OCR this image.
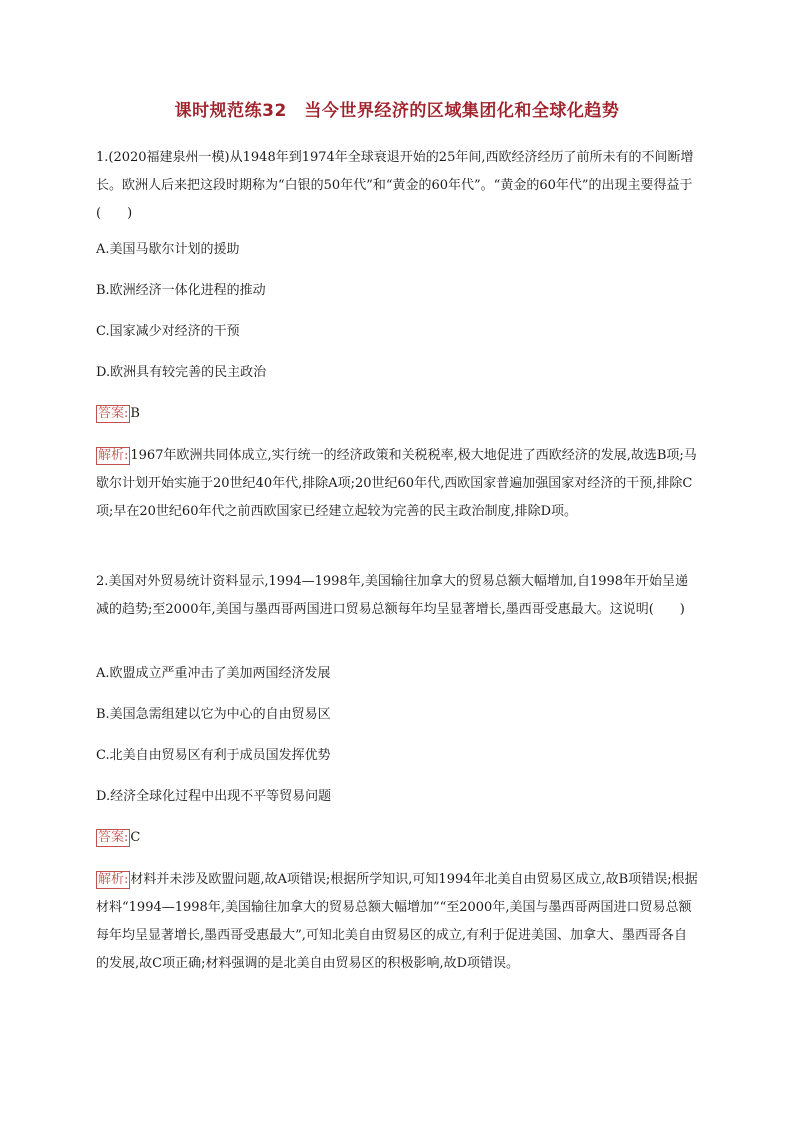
课时规范练32　当今世界经济的区域集团化和全球化趋势
1.(2020福建泉州一模)从1948年到1974年全球衰退开始的25年间,西欧经济经历了前所未有的不间断增长。欧洲人后来把这段时期称为“白银的50年代”和“黄金的60年代”。“黄金的60年代”的出现主要得益于(　　)
A.美国马歇尔计划的援助
B.欧洲经济一体化进程的推动
C.国家减少对经济的干预
D.欧洲具有较完善的民主政治
答案: B
解析: 1967年欧洲共同体成立,实行统一的经济政策和关税税率,极大地促进了西欧经济的发展,故选B项;马歇尔计划开始实施于20世纪40年代,排除A项;20世纪60年代,西欧国家普遍加强国家对经济的干预,排除C项;早在20世纪60年代之前西欧国家已经建立起较为完善的民主政治制度,排除D项。
2.美国对外贸易统计资料显示,1994—1998年,美国输往加拿大的贸易总额大幅增加,自1998年开始呈递减的趋势;至2000年,美国与墨西哥两国进口贸易总额每年均呈显著增长,墨西哥受惠最大。这说明(　　)
A.欧盟成立严重冲击了美加两国经济发展
B.美国急需组建以它为中心的自由贸易区
C.北美自由贸易区有利于成员国发挥优势
D.经济全球化过程中出现不平等贸易问题
答案: C
解析: 材料并未涉及欧盟问题,故A项错误;根据所学知识,可知1994年北美自由贸易区成立,故B项错误;根据材料“1994—1998年,美国输往加拿大的贸易总额大幅增加”“至2000年,美国与墨西哥两国进口贸易总额每年均呈显著增长,墨西哥受惠最大”,可知北美自由贸易区的成立,有利于促进美国、加拿大、墨西哥各自的发展,故C项正确;材料强调的是北美自由贸易区的积极影响,故D项错误。
